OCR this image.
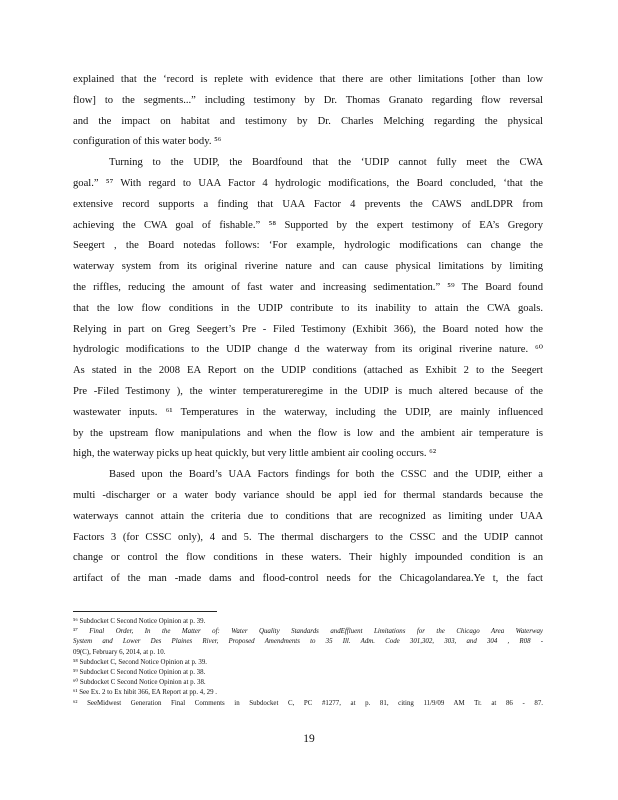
explained that the ‘record is replete with evidence that there are other limitations [other than low
flow] to the segments...” including testimony by Dr. Thomas Granato regarding flow reversal
and the impact on habitat and testimony by Dr. Charles Melching regarding the physical
configuration of this water body. ⁵⁶
Turning to the UDIP, the Boardfound that the ‘UDIP cannot fully meet the CWA
goal.” ⁵⁷ With regard to UAA Factor 4 hydrologic modifications, the Board concluded, ‘that the
extensive record supports a finding that UAA Factor 4 prevents the CAWS andLDPR from
achieving the CWA goal of fishable.” ⁵⁸ Supported by the expert testimony of EA’s Gregory
Seegert , the Board notedas follows: ‘For example, hydrologic modifications can change the
waterway system from its original riverine nature and can cause physical limitations by limiting
the riffles, reducing the amount of fast water and increasing sedimentation.” ⁵⁹ The Board found
that the low flow conditions in the UDIP contribute to its inability to attain the CWA goals.
Relying in part on Greg Seegert’s Pre - Filed Testimony (Exhibit 366), the Board noted how the
hydrologic modifications to the UDIP change d the waterway from its original riverine nature. ⁶⁰
As stated in the 2008 EA Report on the UDIP conditions (attached as Exhibit 2 to the Seegert
Pre -Filed Testimony ), the winter temperatureregime in the UDIP is much altered because of the
wastewater inputs. ⁶¹ Temperatures in the waterway, including the UDIP, are mainly influenced
by the upstream flow manipulations and when the flow is low and the ambient air temperature is
high, the waterway picks up heat quickly, but very little ambient air cooling occurs. ⁶²
Based upon the Board’s UAA Factors findings for both the CSSC and the UDIP, either a
multi -discharger or a water body variance should be appl ied for thermal standards because the
waterways cannot attain the criteria due to conditions that are recognized as limiting under UAA
Factors 3 (for CSSC only), 4 and 5. The thermal dischargers to the CSSC and the UDIP cannot
change or control the flow conditions in these waters. Their highly impounded condition is an
artifact of the man -made dams and flood-control needs for the Chicagolandarea.Ye t, the fact
⁵⁶ Subdocket C Second Notice Opinion at p. 39.
⁵⁷ Final Order, In the Matter of: Water Quality Standards andEffluent Limitations for the Chicago Area Waterway
System and Lower Des Plaines River, Proposed Amendments to 35 Ill. Adm. Code 301,302, 303, and 304 , R08 -
09(C), February 6, 2014, at p. 10.
⁵⁸ Subdocket C, Second Notice Opinion at p. 39.
⁵⁹ Subdocket C Second Notice Opinion at p. 38.
⁶⁰ Subdocket C Second Notice Opinion at p. 38.
⁶¹ See Ex. 2 to Ex hibit 366, EA Report at pp. 4, 29 .
⁶² SeeMidwest Generation Final Comments in Subdocket C, PC #1277, at p. 81, citing 11/9/09 AM Tr. at 86 - 87.
19
